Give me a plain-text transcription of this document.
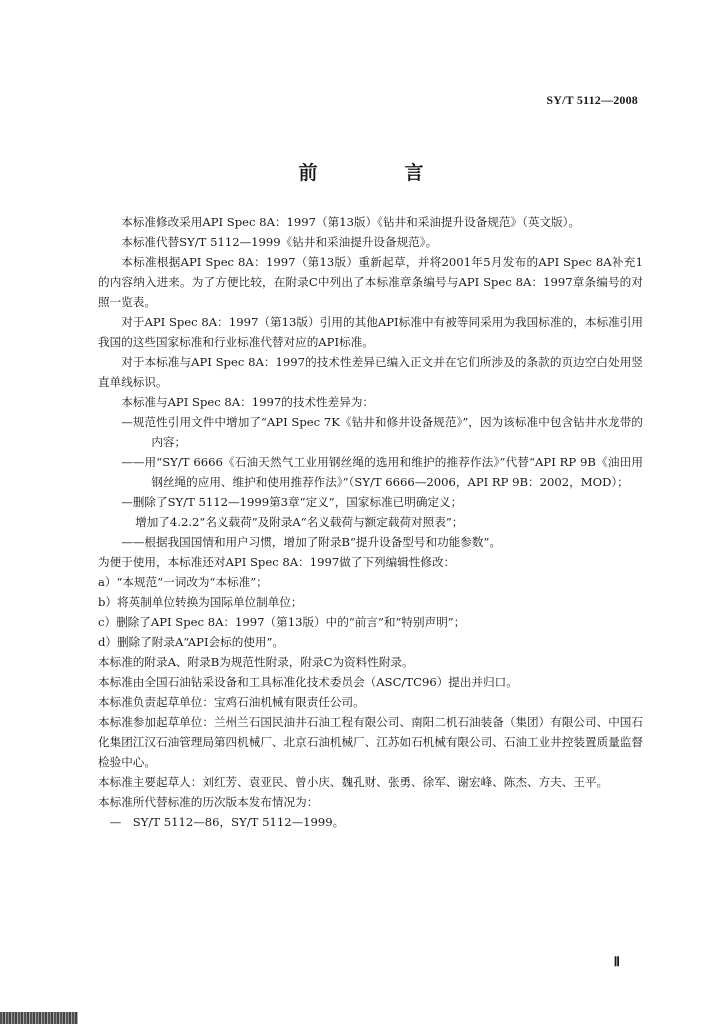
SY/T 5112—2008
前　言

本标准修改采用API Spec 8A：1997（第13版）《钻井和采油提升设备规范》（英文版）。

本标准代替SY/T 5112—1999《钻井和采油提升设备规范》。

本标准根据API Spec 8A：1997（第13版）重新起草，并将2001年5月发布的API Spec 8A补充1的内容纳入进来。为了方便比较，在附录C中列出了本标准章条编号与API Spec 8A：1997章条编号的对照一览表。

对于API Spec 8A：1997（第13版）引用的其他API标准中有被等同采用为我国标准的，本标准引用我国的这些国家标准和行业标准代替对应的API标准。

对于本标准与API Spec 8A：1997的技术性差异已编入正文并在它们所涉及的条款的页边空白处用竖直单线标识。

本标准与API Spec 8A：1997的技术性差异为：

—规范性引用文件中增加了“API Spec 7K《钻井和修井设备规范》”，因为该标准中包含钻井水龙带的内容；

——用“SY/T 6666《石油天然气工业用钢丝绳的选用和维护的推荐作法》”代替“API RP 9B《油田用钢丝绳的应用、维护和使用推荐作法》”（SY/T 6666—2006，API RP 9B：2002，MOD）；

—删除了SY/T 5112—1999第3章“定义”，国家标准已明确定义；

增加了4.2.2“名义载荷”及附录A“名义载荷与额定载荷对照表”；

——根据我国国情和用户习惯，增加了附录B“提升设备型号和功能参数”。

为便于使用，本标准还对API Spec 8A：1997做了下列编辑性修改：

a）“本规范”一词改为“本标准”；

b）将英制单位转换为国际单位制单位；

c）删除了API Spec 8A：1997（第13版）中的“前言”和“特别声明”；

d）删除了附录A“API会标的使用”。

本标准的附录A、附录B为规范性附录，附录C为资料性附录。

本标准由全国石油钻采设备和工具标准化技术委员会（ASC/TC96）提出并归口。

本标准负责起草单位：宝鸡石油机械有限责任公司。

本标准参加起草单位：兰州兰石国民油井石油工程有限公司、南阳二机石油装备（集团）有限公司、中国石化集团江汉石油管理局第四机械厂、北京石油机械厂、江苏如石机械有限公司、石油工业井控装置质量监督检验中心。

本标准主要起草人：刘红芳、袁亚民、曾小庆、魏孔财、张勇、徐军、谢宏峰、陈杰、方夫、王平。

本标准所代替标准的历次版本发布情况为：

—　SY/T 5112—86，SY/T 5112—1999。

Ⅱ
